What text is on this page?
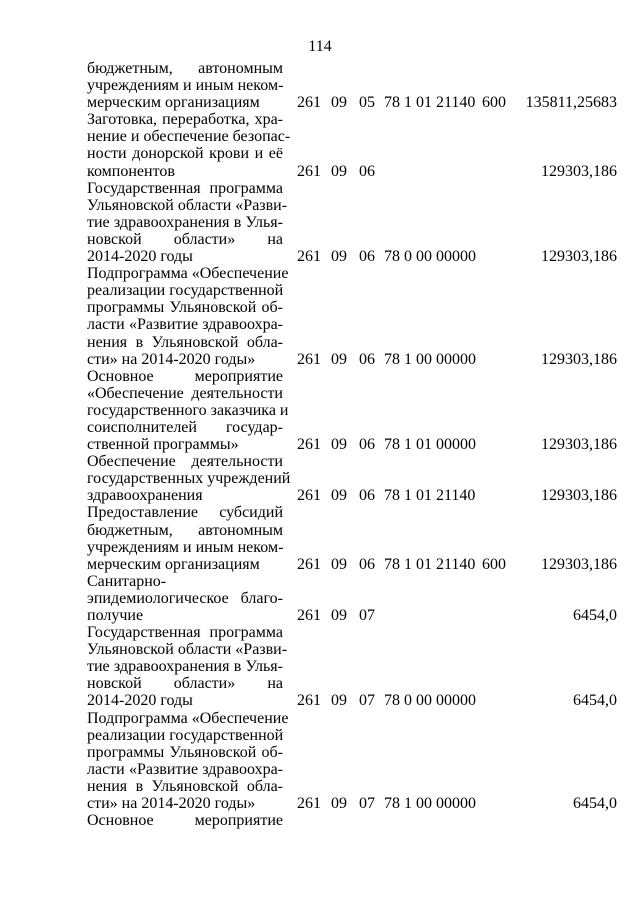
114
бюджетным, автономным
учреждениям и иным неком-
мерческим организациям	261 09 05 78 1 01 21140 600	135811,25683
Заготовка, переработка, хра-
нение и обеспечение безопас-
ности донорской крови и её
компонентов	261 09 06	129303,186
Государственная программа
Ульяновской области «Разви-
тие здравоохранения в Улья-
новской области» на
2014-2020 годы	261 09 06 78 0 00 00000	129303,186
Подпрограмма «Обеспечение
реализации государственной
программы Ульяновской об-
ласти «Развитие здравоохра-
нения в Ульяновской обла-
сти» на 2014-2020 годы»	261 09 06 78 1 00 00000	129303,186
Основное мероприятие
«Обеспечение деятельности
государственного заказчика и
соисполнителей государ-
ственной программы»	261 09 06 78 1 01 00000	129303,186
Обеспечение деятельности
государственных учреждений
здравоохранения	261 09 06 78 1 01 21140	129303,186
Предоставление субсидий
бюджетным, автономным
учреждениям и иным неком-
мерческим организациям	261 09 06 78 1 01 21140 600	129303,186
Санитарно-
эпидемиологическое благо-
получие	261 09 07	6454,0
Государственная программа
Ульяновской области «Разви-
тие здравоохранения в Улья-
новской области» на
2014-2020 годы	261 09 07 78 0 00 00000	6454,0
Подпрограмма «Обеспечение
реализации государственной
программы Ульяновской об-
ласти «Развитие здравоохра-
нения в Ульяновской обла-
сти» на 2014-2020 годы»	261 09 07 78 1 00 00000	6454,0
Основное мероприятие
